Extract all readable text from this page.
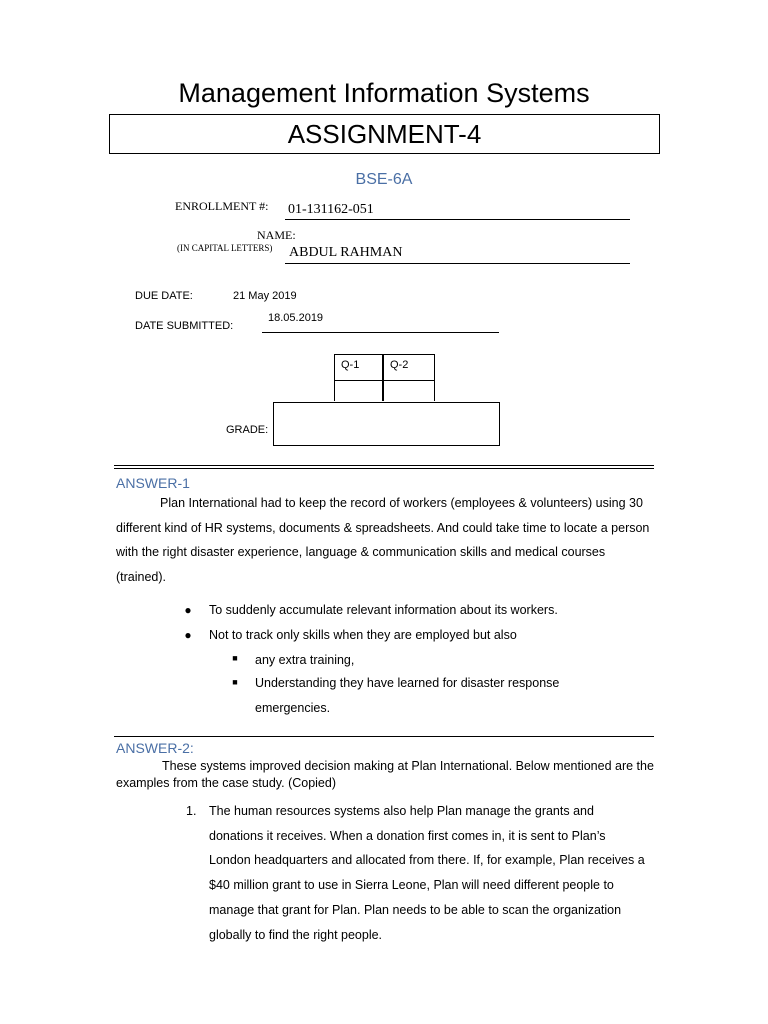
Management Information Systems
ASSIGNMENT-4
BSE-6A
ENROLLMENT #: 01-131162-051
NAME:
(IN CAPITAL LETTERS) ABDUL RAHMAN
DUE DATE:	21 May 2019
DATE SUBMITTED:
18.05.2019
Q-1	Q-2
GRADE:
ANSWER-1
Plan International had to keep the record of workers (employees & volunteers) using 30 different kind of HR systems, documents & spreadsheets. And could take time to locate a person with the right disaster experience, language & communication skills and medical courses (trained).
● To suddenly accumulate relevant information about its workers.
● Not to track only skills when they are employed but also
■	any extra training,
■	Understanding they have learned for disaster response emergencies.
ANSWER-2:
These systems improved decision making at Plan International. Below mentioned are the examples from the case study. (Copied)
1. The human resources systems also help Plan manage the grants and donations it receives. When a donation first comes in, it is sent to Plan’s London headquarters and allocated from there. If, for example, Plan receives a $40 million grant to use in Sierra Leone, Plan will need different people to manage that grant for Plan. Plan needs to be able to scan the organization globally to find the right people.
